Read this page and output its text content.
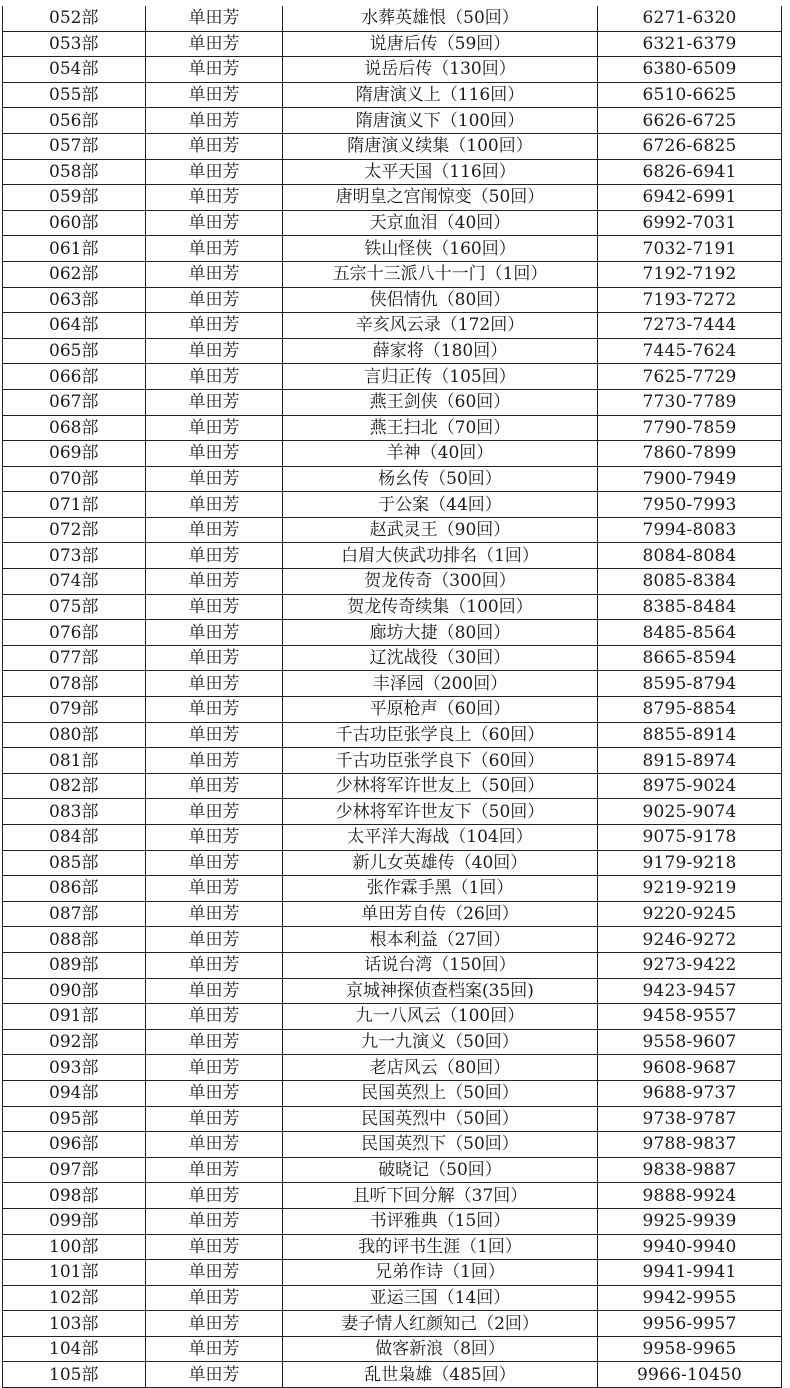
052部	单田芳	水葬英雄恨（50回）	6271-6320
053部	单田芳	说唐后传（59回）	6321-6379
054部	单田芳	说岳后传（130回）	6380-6509
055部	单田芳	隋唐演义上（116回）	6510-6625
056部	单田芳	隋唐演义下（100回）	6626-6725
057部	单田芳	隋唐演义续集（100回）	6726-6825
058部	单田芳	太平天国（116回）	6826-6941
059部	单田芳	唐明皇之宫闱惊变（50回）	6942-6991
060部	单田芳	天京血泪（40回）	6992-7031
061部	单田芳	铁山怪侠（160回）	7032-7191
062部	单田芳	五宗十三派八十一门（1回）	7192-7192
063部	单田芳	侠侣情仇（80回）	7193-7272
064部	单田芳	辛亥风云录（172回）	7273-7444
065部	单田芳	薛家将（180回）	7445-7624
066部	单田芳	言归正传（105回）	7625-7729
067部	单田芳	燕王剑侠（60回）	7730-7789
068部	单田芳	燕王扫北（70回）	7790-7859
069部	单田芳	羊神（40回）	7860-7899
070部	单田芳	杨幺传（50回）	7900-7949
071部	单田芳	于公案（44回）	7950-7993
072部	单田芳	赵武灵王（90回）	7994-8083
073部	单田芳	白眉大侠武功排名（1回）	8084-8084
074部	单田芳	贺龙传奇（300回）	8085-8384
075部	单田芳	贺龙传奇续集（100回）	8385-8484
076部	单田芳	廊坊大捷（80回）	8485-8564
077部	单田芳	辽沈战役（30回）	8665-8594
078部	单田芳	丰泽园（200回）	8595-8794
079部	单田芳	平原枪声（60回）	8795-8854
080部	单田芳	千古功臣张学良上（60回）	8855-8914
081部	单田芳	千古功臣张学良下（60回）	8915-8974
082部	单田芳	少林将军许世友上（50回）	8975-9024
083部	单田芳	少林将军许世友下（50回）	9025-9074
084部	单田芳	太平洋大海战（104回）	9075-9178
085部	单田芳	新儿女英雄传（40回）	9179-9218
086部	单田芳	张作霖手黑（1回）	9219-9219
087部	单田芳	单田芳自传（26回）	9220-9245
088部	单田芳	根本利益（27回）	9246-9272
089部	单田芳	话说台湾（150回）	9273-9422
090部	单田芳	京城神探侦查档案(35回)	9423-9457
091部	单田芳	九一八风云（100回）	9458-9557
092部	单田芳	九一九演义（50回）	9558-9607
093部	单田芳	老店风云（80回）	9608-9687
094部	单田芳	民国英烈上（50回）	9688-9737
095部	单田芳	民国英烈中（50回）	9738-9787
096部	单田芳	民国英烈下（50回）	9788-9837
097部	单田芳	破晓记（50回）	9838-9887
098部	单田芳	且听下回分解（37回）	9888-9924
099部	单田芳	书评雅典（15回）	9925-9939
100部	单田芳	我的评书生涯（1回）	9940-9940
101部	单田芳	兄弟作诗（1回）	9941-9941
102部	单田芳	亚运三国（14回）	9942-9955
103部	单田芳	妻子情人红颜知己（2回）	9956-9957
104部	单田芳	做客新浪（8回）	9958-9965
105部	单田芳	乱世枭雄（485回）	9966-10450
